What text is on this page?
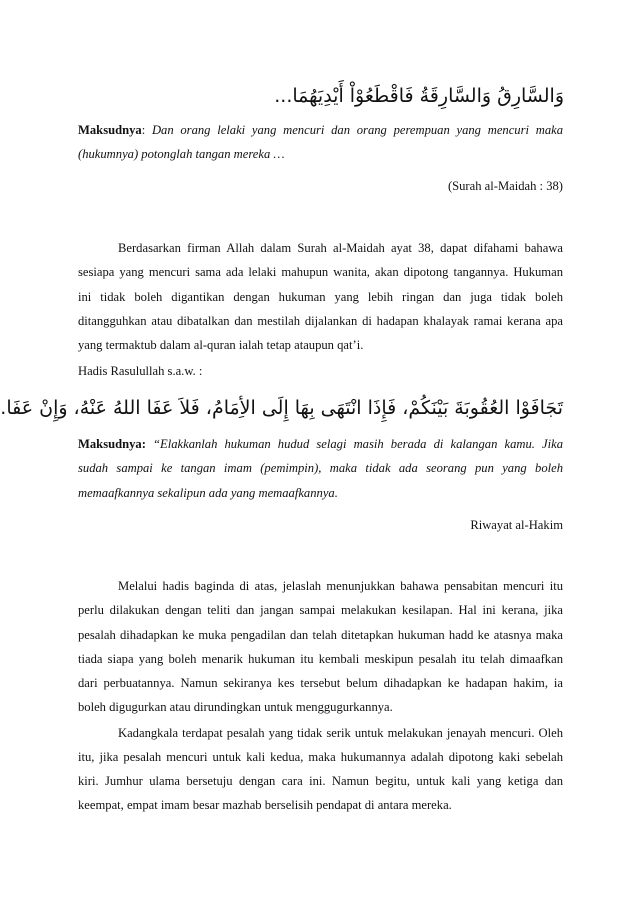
وَالسَّارِقُ وَالسَّارِقَةُ فَاقْطَعُوْاْ أَيْدِيَهُمَا...
Maksudnya: Dan orang lelaki yang mencuri dan orang perempuan yang mencuri maka
(hukumnya) potonglah tangan mereka …
(Surah al-Maidah : 38)
Berdasarkan firman Allah dalam Surah al-Maidah ayat 38, dapat difahami bahawa
sesiapa yang mencuri sama ada lelaki mahupun wanita, akan dipotong tangannya. Hukuman
ini tidak boleh digantikan dengan hukuman yang lebih ringan dan juga tidak boleh
ditangguhkan atau dibatalkan dan mestilah dijalankan di hadapan khalayak ramai kerana apa
yang termaktub dalam al-quran ialah tetap ataupun qat’i.
Hadis Rasulullah s.a.w. :
تَجَافَوْا العُقُوبَةَ بَيْنَكُمْ، فَإِذَا انْتَهَى بِهَا إِلَى الأِمَامُ، فَلاَ عَفَا اللهُ عَنْهُ، وَإِنْ عَفَا.
Maksudnya: “Elakkanlah hukuman hudud selagi masih berada di kalangan kamu. Jika
sudah sampai ke tangan imam (pemimpin), maka tidak ada seorang pun yang boleh
memaafkannya sekalipun ada yang memaafkannya.
Riwayat al-Hakim
Melalui hadis baginda di atas, jelaslah menunjukkan bahawa pensabitan mencuri itu
perlu dilakukan dengan teliti dan jangan sampai melakukan kesilapan. Hal ini kerana, jika
pesalah dihadapkan ke muka pengadilan dan telah ditetapkan hukuman hadd ke atasnya maka
tiada siapa yang boleh menarik hukuman itu kembali meskipun pesalah itu telah dimaafkan
dari perbuatannya. Namun sekiranya kes tersebut belum dihadapkan ke hadapan hakim, ia
boleh digugurkan atau dirundingkan untuk menggugurkannya.
Kadangkala terdapat pesalah yang tidak serik untuk melakukan jenayah mencuri. Oleh
itu, jika pesalah mencuri untuk kali kedua, maka hukumannya adalah dipotong kaki sebelah
kiri. Jumhur ulama bersetuju dengan cara ini. Namun begitu, untuk kali yang ketiga dan
keempat, empat imam besar mazhab berselisih pendapat di antara mereka.
